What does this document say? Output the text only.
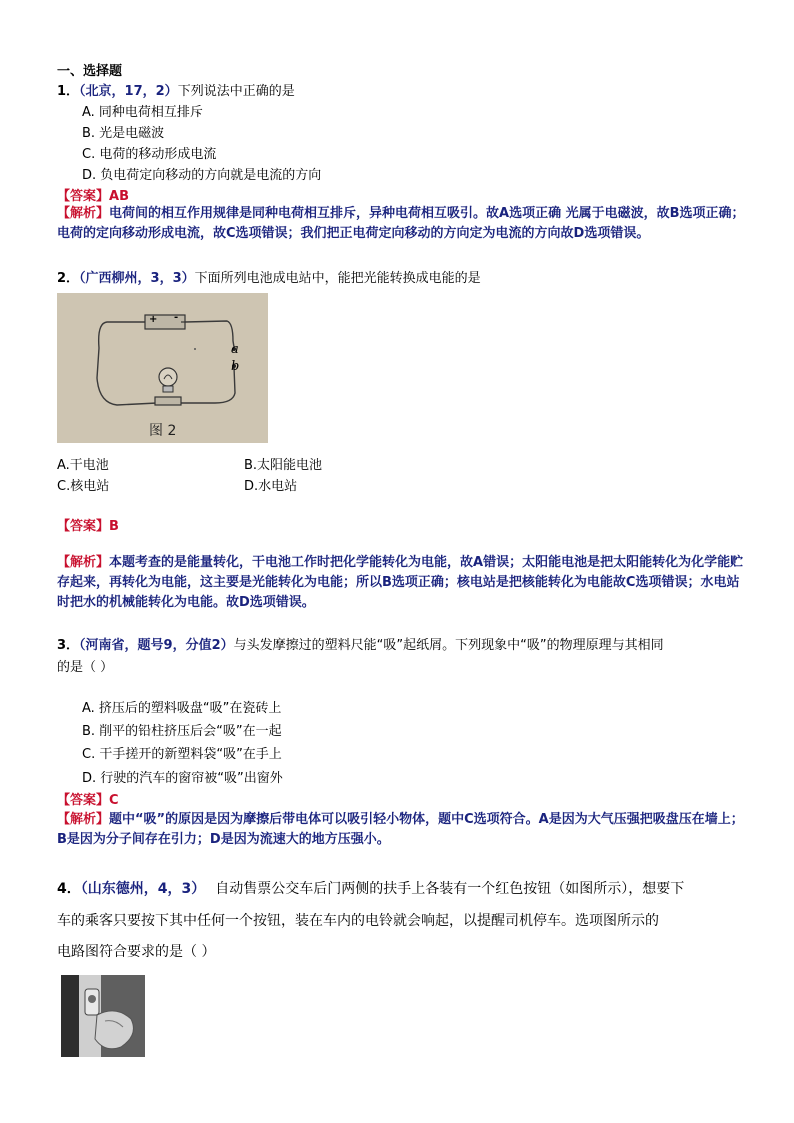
一、选择题
1．（北京，17，2）下列说法中正确的是
A. 同种电荷相互排斥
B. 光是电磁波
C. 电荷的移动形成电流
D. 负电荷定向移动的方向就是电流的方向
【答案】AB
【解析】电荷间的相互作用规律是同种电荷相互排斥，异种电荷相互吸引。故A选项正确 光属于电磁波，故B选项正确；电荷的定向移动形成电流，故C选项错误；我们把正电荷定向移动的方向定为电流的方向故D选项错误。
2．（广西柳州，3，3）下面所列电池成电站中，能把光能转换成电能的是
+ -
a
b
图 2
A.干电池	B.太阳能电池
C.核电站	D.水电站
【答案】B
【解析】本题考查的是能量转化，干电池工作时把化学能转化为电能，故A错误；太阳能电池是把太阳能转化为化学能贮存起来，再转化为电能，这主要是光能转化为电能；所以B选项正确；核电站是把核能转化为电能故C选项错误；水电站时把水的机械能转化为电能。故D选项错误。
3．（河南省，题号9，分值2）与头发摩擦过的塑料尺能“吸”起纸屑。下列现象中“吸”的物理原理与其相同
的是（ ）
A. 挤压后的塑料吸盘“吸”在瓷砖上
B. 削平的铅柱挤压后会“吸”在一起
C. 干手搓开的新塑料袋“吸”在手上
D. 行驶的汽车的窗帘被“吸”出窗外
【答案】C
【解析】题中“吸”的原因是因为摩擦后带电体可以吸引轻小物体，题中C选项符合。A是因为大气压强把吸盘压在墙上；B是因为分子间存在引力；D是因为流速大的地方压强小。
4．（山东德州，4，3） 自动售票公交车后门两侧的扶手上各装有一个红色按钮（如图所示），想要下
车的乘客只要按下其中任何一个按钮，装在车内的电铃就会响起，以提醒司机停车。选项图所示的
电路图符合要求的是（ ）
